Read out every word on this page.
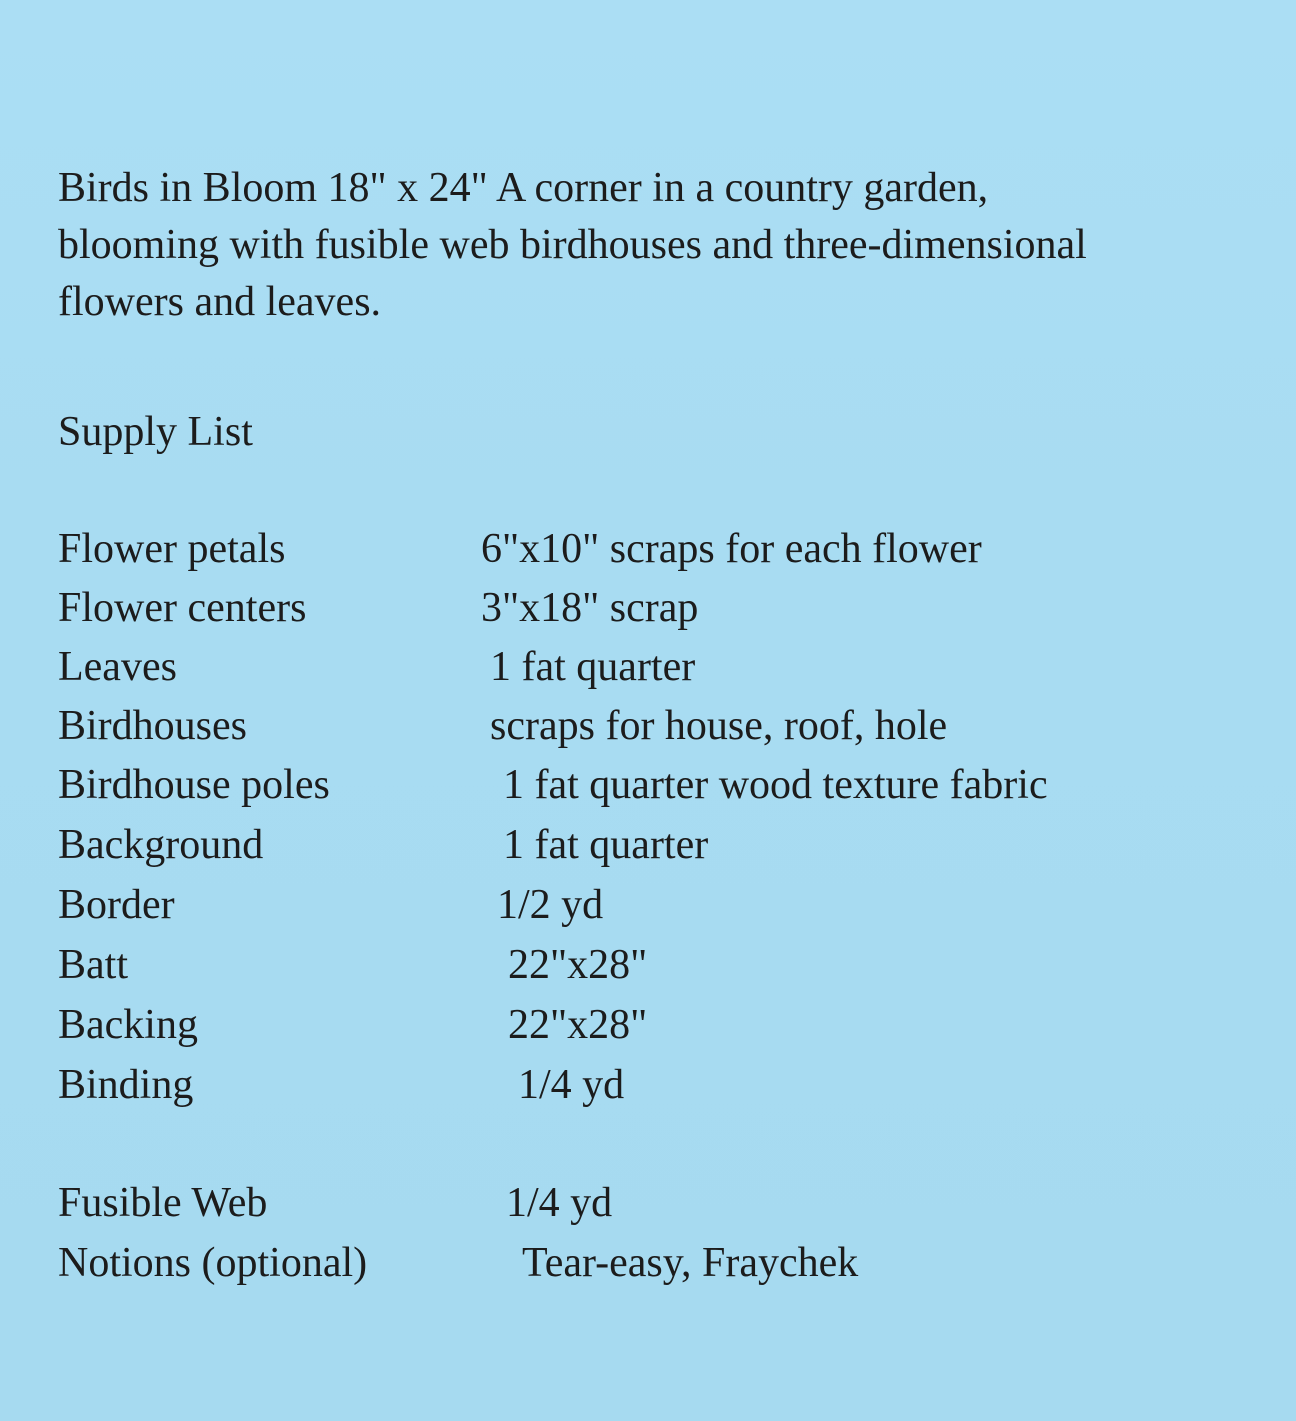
Birds in Bloom 18" x 24" A corner in a country garden,
blooming with fusible web birdhouses and three-dimensional
flowers and leaves.
Supply List
Flower petals	6"x10" scraps for each flower
Flower centers	3"x18" scrap
Leaves	1 fat quarter
Birdhouses	scraps for house, roof, hole
Birdhouse poles	1 fat quarter wood texture fabric
Background	1 fat quarter
Border	1/2 yd
Batt	22"x28"
Backing	22"x28"
Binding	1/4 yd
Fusible Web	1/4 yd
Notions (optional)	Tear-easy, Fraychek
